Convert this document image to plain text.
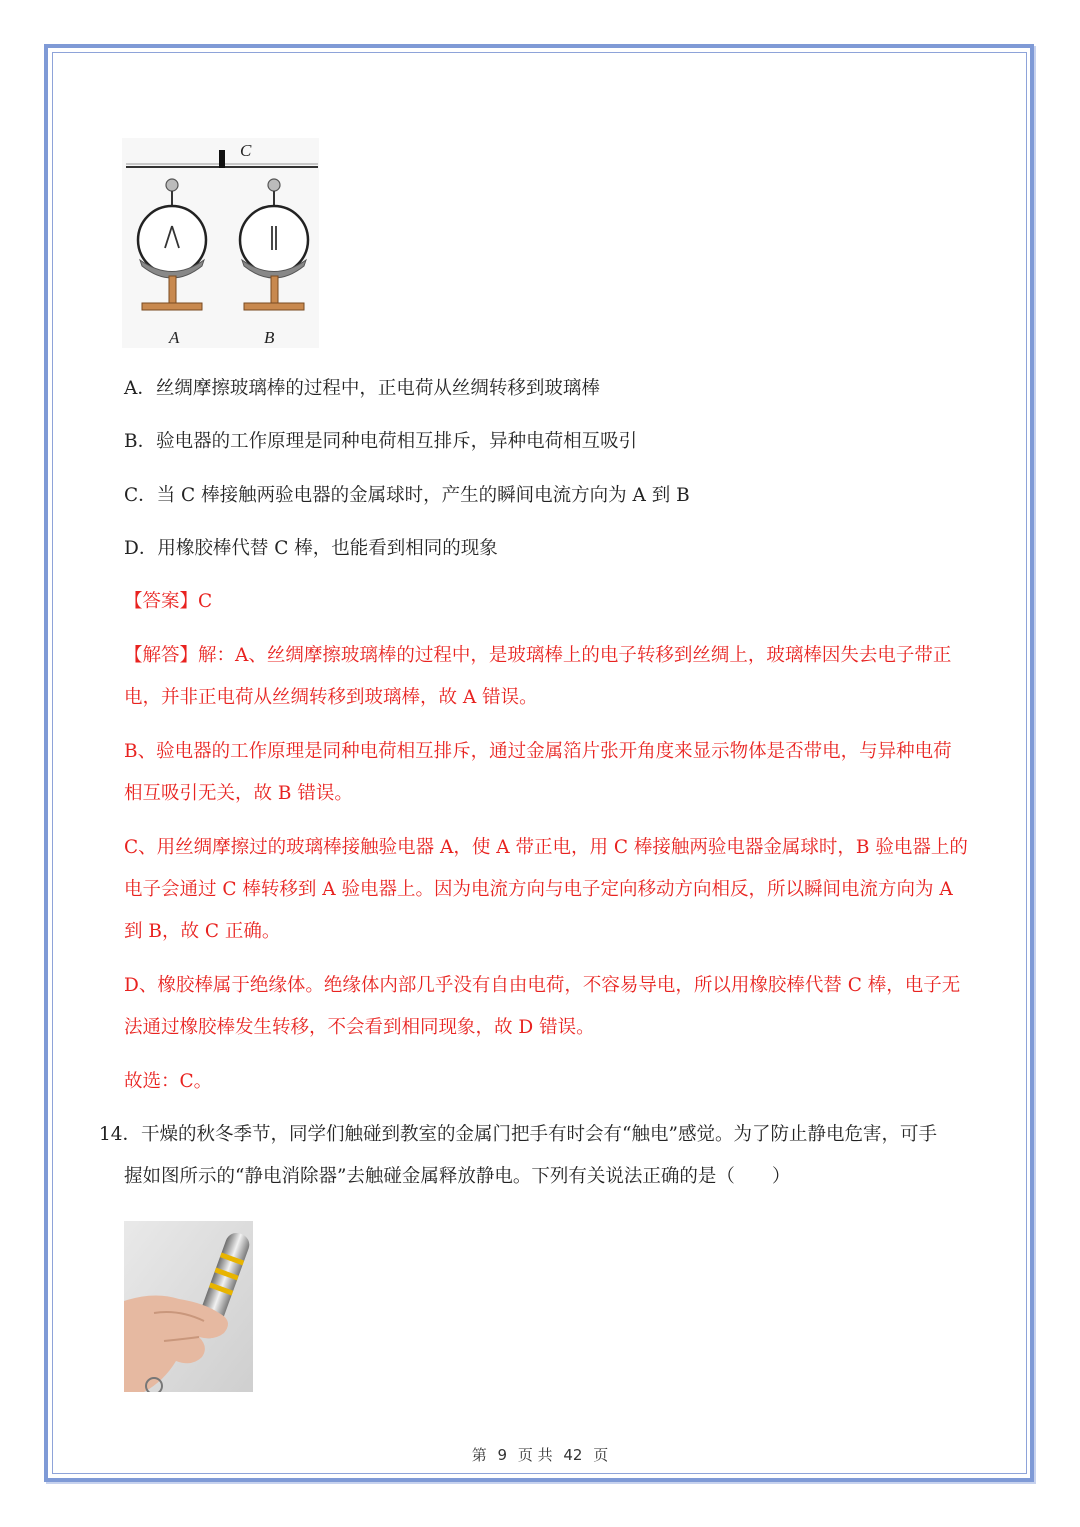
C
A	B
A．丝绸摩擦玻璃棒的过程中，正电荷从丝绸转移到玻璃棒
B．验电器的工作原理是同种电荷相互排斥，异种电荷相互吸引
C．当 C 棒接触两验电器的金属球时，产生的瞬间电流方向为 A 到 B
D．用橡胶棒代替 C 棒，也能看到相同的现象
【答案】C
【解答】解：A、丝绸摩擦玻璃棒的过程中，是玻璃棒上的电子转移到丝绸上，玻璃棒因失去电子带正
电，并非正电荷从丝绸转移到玻璃棒，故 A 错误。
B、验电器的工作原理是同种电荷相互排斥，通过金属箔片张开角度来显示物体是否带电，与异种电荷
相互吸引无关，故 B 错误。
C、用丝绸摩擦过的玻璃棒接触验电器 A，使 A 带正电，用 C 棒接触两验电器金属球时，B 验电器上的
电子会通过 C 棒转移到 A 验电器上。因为电流方向与电子定向移动方向相反，所以瞬间电流方向为 A
到 B，故 C 正确。
D、橡胶棒属于绝缘体。绝缘体内部几乎没有自由电荷，不容易导电，所以用橡胶棒代替 C 棒，电子无
法通过橡胶棒发生转移，不会看到相同现象，故 D 错误。
故选：C。
14．干燥的秋冬季节，同学们触碰到教室的金属门把手有时会有“触电”感觉。为了防止静电危害，可手
握如图所示的“静电消除器”去触碰金属释放静电。下列有关说法正确的是（　　）
第 9 页 共 42 页
